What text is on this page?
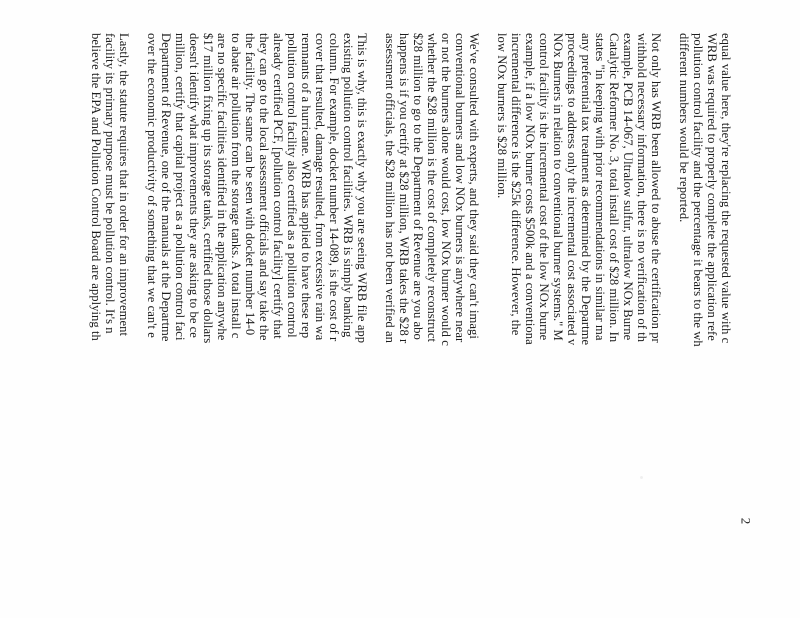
2

equal value here, they're replacing the requested value with c
WRB was required to properly complete the application refe
pollution control facility and the percentage it bears to the wh
different numbers would be reported.

Not only has WRB been allowed to abuse the certification pr
withhold necessary information, there is no verification of th
example, PCB 14-067, Ultralow sulfur, ultralow NOx Burne
Catalytic Reformer No. 3, total install cost of $28 million. In
states "in keeping with prior recommendations in similar ma
any preferential tax treatment as determined by the Departme
proceedings to address only the incremental cost associated v
NOx Burners in relation to conventional burner systems." M
control facility is the incremental cost of the low NOx burne
example, if a low NOx burner costs $500k and a conventiona
incremental difference is the $25k difference. However, the
low NOx burners is $28 million.

We've consulted with experts, and they said they can't imagi
conventional burners and low NOx burners is anywhere near
or not the burners alone would cost, low NOx burner would c
whether the $28 million is the cost of completely reconstruct
$28 million to go to the Department of Revenue are you abo
happens is if you certify at $28 million, WRB takes the $28 r
assessment officials, the $28 million has not been verified an

This is why, this is exactly why you are seeing WRB file app
existing pollution control facilities. WRB is simply banking
column. For example, docket number 14-089, is the cost of r
cover that resulted, damage resulted, from excessive rain wa
remnants of a hurricane. WRB has applied to have these rep
pollution control facility also certified as a pollution control
already certified PCF, [pollution control facility] certify that
they can go to the local assessment officials and say take the
the facility. The same can be seen with docket number 14-0
to abate air pollution from the storage tanks. A total install c
are no specific facilities identified in the application anywhe
$17 million fixing up its storage tanks, certified those dollars
doesn't identify what improvements they are asking to be ce
million, certify that capital project as a pollution control faci
Department of Revenue, one of the manuals at the Departme
over the economic productivity of something that we can't e

Lastly, the statute requires that in order for an improvement
facility its primary purpose must be pollution control. It's n
believe the EPA and Pollution Control Board are applying th
